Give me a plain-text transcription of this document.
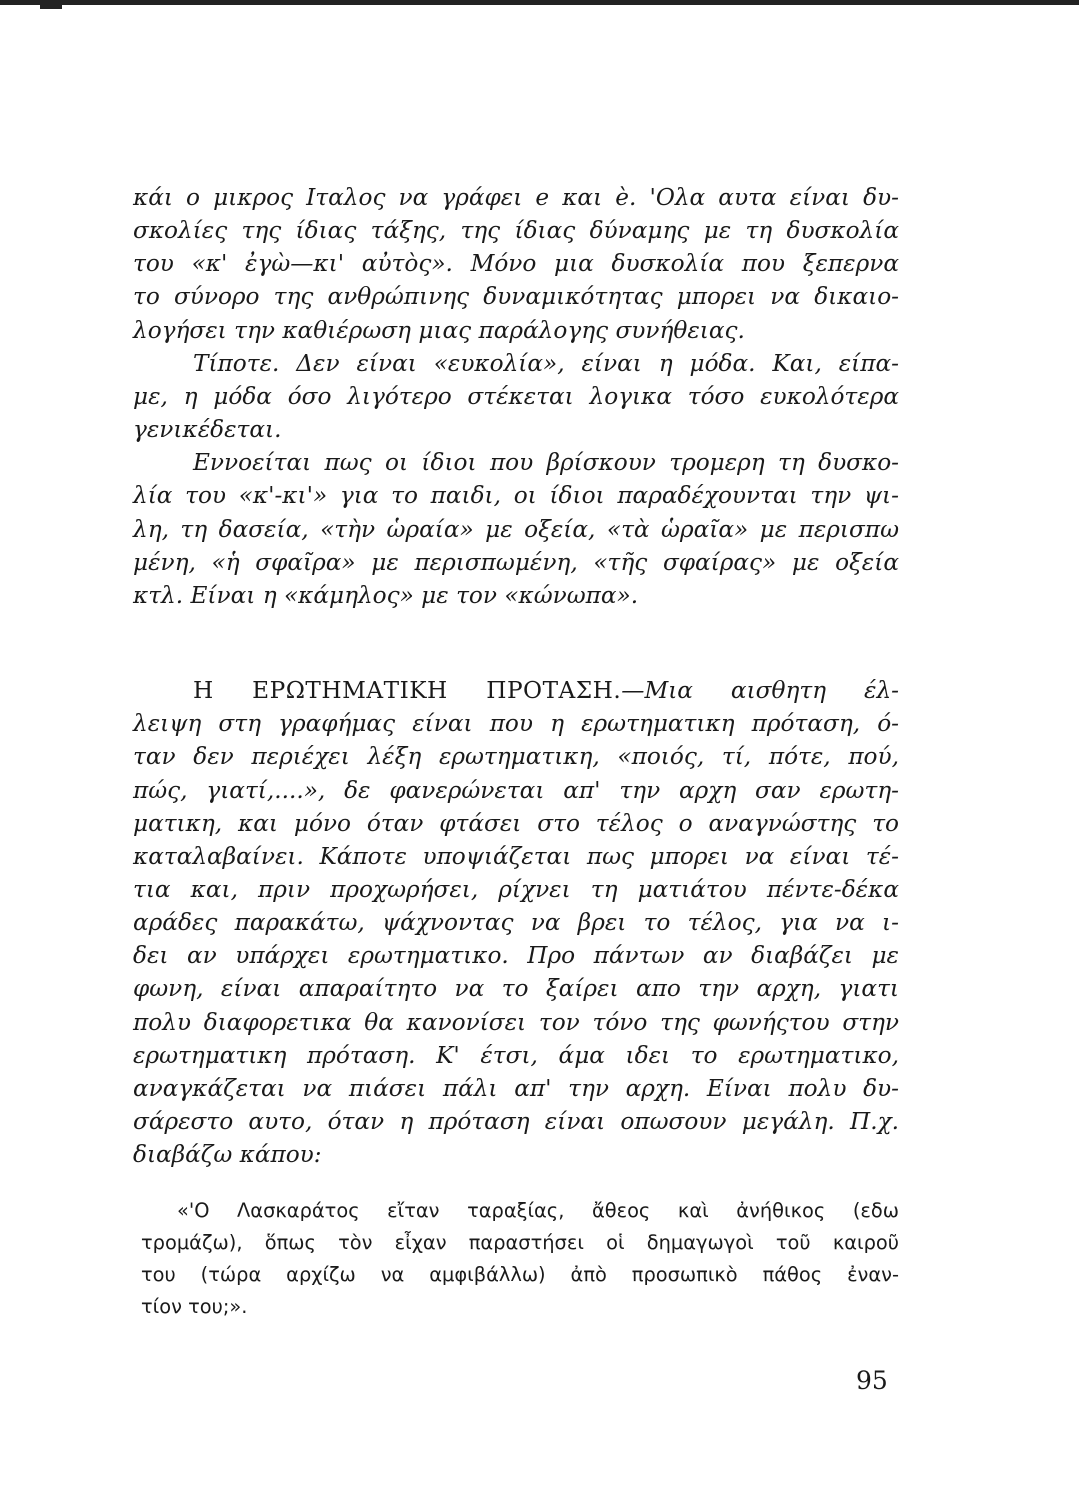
κάι ο μικρος Ιταλος να γράφει e και è. 'Ολα αυτα είναι δυ-
σκολίες της ίδιας τάξης, της ίδιας δύναμης με τη δυσκολία
του «κ' ἐγὼ—κι' αὐτὸς». Μόνο μια δυσκολία που ξεπερνα
το σύνορο της ανθρώπινης δυναμικότητας μπορει να δικαιο-
λογήσει την καθιέρωση μιας παράλογης συνήθειας.

Τίποτε. Δεν είναι «ευκολία», είναι η μόδα. Και, είπα-
με, η μόδα όσο λιγότερο στέκεται λογικα τόσο ευκολότερα
γενικέδεται.

Εννοείται πως οι ίδιοι που βρίσκουν τρομερη τη δυσκο-
λία του «κ'-κι'» για το παιδι, οι ίδιοι παραδέχουνται την ψι-
λη, τη δασεία, «τὴν ὡραία» με οξεία, «τὰ ὡραῖα» με περισπω
μένη, «ἡ σφαῖρα» με περισπωμένη, «τῆς σφαίρας» με οξεία
κτλ. Είναι η «κάμηλος» με τον «κώνωπα».

Η ΕΡΩΤΗΜΑΤΙΚΗ ΠΡΟΤΑΣΗ.—Μια αισθητη έλ-
λειψη στη γραφήμας είναι που η ερωτηματικη πρόταση, ό-
ταν δεν περιέχει λέξη ερωτηματικη, «ποιός, τί, πότε, πού,
πώς, γιατί,....», δε φανερώνεται απ' την αρχη σαν ερωτη-
ματικη, και μόνο όταν φτάσει στο τέλος ο αναγνώστης το
καταλαβαίνει. Κάποτε υποψιάζεται πως μπορει να είναι τέ-
τια και, πριν προχωρήσει, ρίχνει τη ματιάτου πέντε-δέκα
αράδες παρακάτω, ψάχνοντας να βρει το τέλος, για να ι-
δει αν υπάρχει ερωτηματικο. Προ πάντων αν διαβάζει με
φωνη, είναι απαραίτητο να το ξαίρει απο την αρχη, γιατι
πολυ διαφορετικα θα κανονίσει τον τόνο της φωνήςτου στην
ερωτηματικη πρόταση. Κ' έτσι, άμα ιδει το ερωτηματικο,
αναγκάζεται να πιάσει πάλι απ' την αρχη. Είναι πολυ δυ-
σάρεστο αυτο, όταν η πρόταση είναι οπωσουν μεγάλη. Π.χ.
διαβάζω κάπου:

«'Ο Λασκαράτος εἴταν ταραξίας, ἄθεος καὶ ἀνήθικος (εδω
τρομάζω), ὅπως τὸν εἶχαν παραστήσει οἱ δημαγωγοὶ τοῦ καιροῦ
του (τώρα αρχίζω να αμφιβάλλω) ἀπὸ προσωπικὸ πάθος ἐναν-
τίον του;».
95
